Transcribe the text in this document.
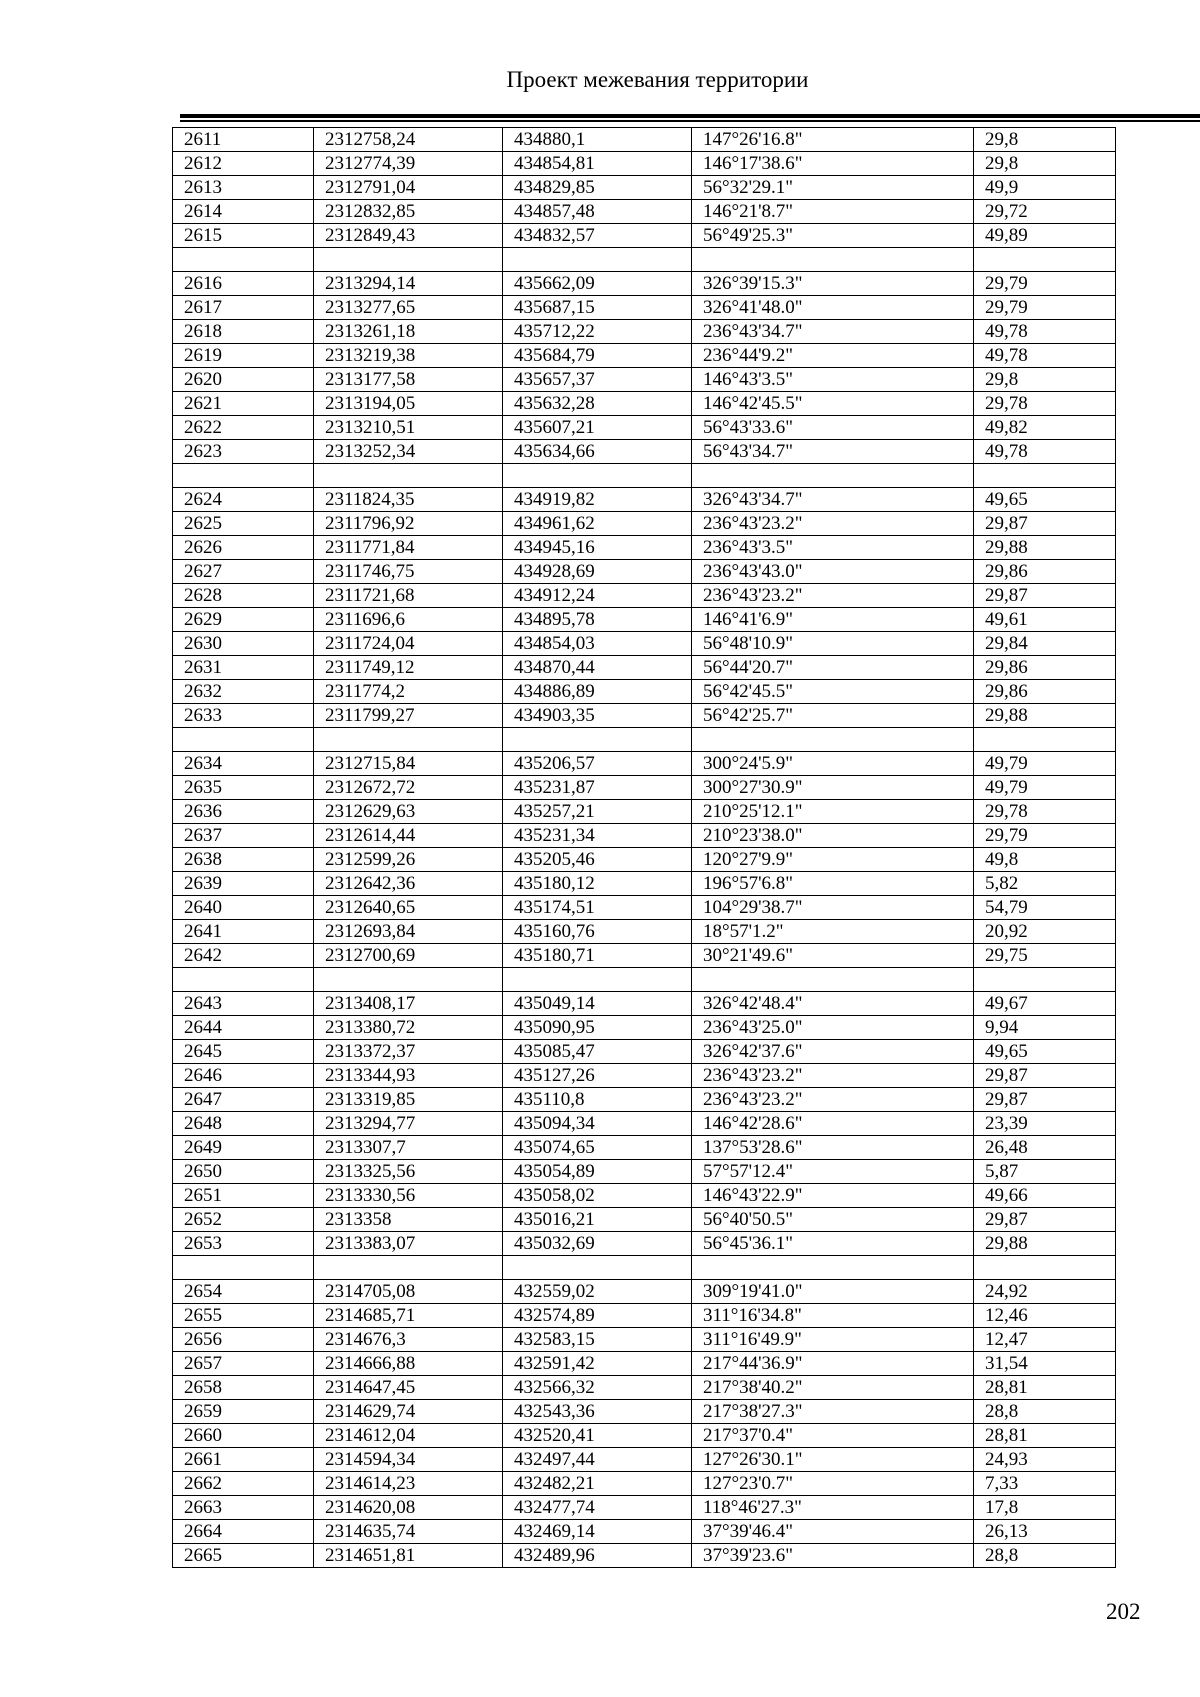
Проект межевания территории
2611	2312758,24	434880,1	147°26'16.8"	29,8
2612	2312774,39	434854,81	146°17'38.6"	29,8
2613	2312791,04	434829,85	56°32'29.1"	49,9
2614	2312832,85	434857,48	146°21'8.7"	29,72
2615	2312849,43	434832,57	56°49'25.3"	49,89

2616	2313294,14	435662,09	326°39'15.3"	29,79
2617	2313277,65	435687,15	326°41'48.0"	29,79
2618	2313261,18	435712,22	236°43'34.7"	49,78
2619	2313219,38	435684,79	236°44'9.2"	49,78
2620	2313177,58	435657,37	146°43'3.5"	29,8
2621	2313194,05	435632,28	146°42'45.5"	29,78
2622	2313210,51	435607,21	56°43'33.6"	49,82
2623	2313252,34	435634,66	56°43'34.7"	49,78

2624	2311824,35	434919,82	326°43'34.7"	49,65
2625	2311796,92	434961,62	236°43'23.2"	29,87
2626	2311771,84	434945,16	236°43'3.5"	29,88
2627	2311746,75	434928,69	236°43'43.0"	29,86
2628	2311721,68	434912,24	236°43'23.2"	29,87
2629	2311696,6	434895,78	146°41'6.9"	49,61
2630	2311724,04	434854,03	56°48'10.9"	29,84
2631	2311749,12	434870,44	56°44'20.7"	29,86
2632	2311774,2	434886,89	56°42'45.5"	29,86
2633	2311799,27	434903,35	56°42'25.7"	29,88

2634	2312715,84	435206,57	300°24'5.9"	49,79
2635	2312672,72	435231,87	300°27'30.9"	49,79
2636	2312629,63	435257,21	210°25'12.1"	29,78
2637	2312614,44	435231,34	210°23'38.0"	29,79
2638	2312599,26	435205,46	120°27'9.9"	49,8
2639	2312642,36	435180,12	196°57'6.8"	5,82
2640	2312640,65	435174,51	104°29'38.7"	54,79
2641	2312693,84	435160,76	18°57'1.2"	20,92
2642	2312700,69	435180,71	30°21'49.6"	29,75

2643	2313408,17	435049,14	326°42'48.4"	49,67
2644	2313380,72	435090,95	236°43'25.0"	9,94
2645	2313372,37	435085,47	326°42'37.6"	49,65
2646	2313344,93	435127,26	236°43'23.2"	29,87
2647	2313319,85	435110,8	236°43'23.2"	29,87
2648	2313294,77	435094,34	146°42'28.6"	23,39
2649	2313307,7	435074,65	137°53'28.6"	26,48
2650	2313325,56	435054,89	57°57'12.4"	5,87
2651	2313330,56	435058,02	146°43'22.9"	49,66
2652	2313358	435016,21	56°40'50.5"	29,87
2653	2313383,07	435032,69	56°45'36.1"	29,88

2654	2314705,08	432559,02	309°19'41.0"	24,92
2655	2314685,71	432574,89	311°16'34.8"	12,46
2656	2314676,3	432583,15	311°16'49.9"	12,47
2657	2314666,88	432591,42	217°44'36.9"	31,54
2658	2314647,45	432566,32	217°38'40.2"	28,81
2659	2314629,74	432543,36	217°38'27.3"	28,8
2660	2314612,04	432520,41	217°37'0.4"	28,81
2661	2314594,34	432497,44	127°26'30.1"	24,93
2662	2314614,23	432482,21	127°23'0.7"	7,33
2663	2314620,08	432477,74	118°46'27.3"	17,8
2664	2314635,74	432469,14	37°39'46.4"	26,13
2665	2314651,81	432489,96	37°39'23.6"	28,8
202
